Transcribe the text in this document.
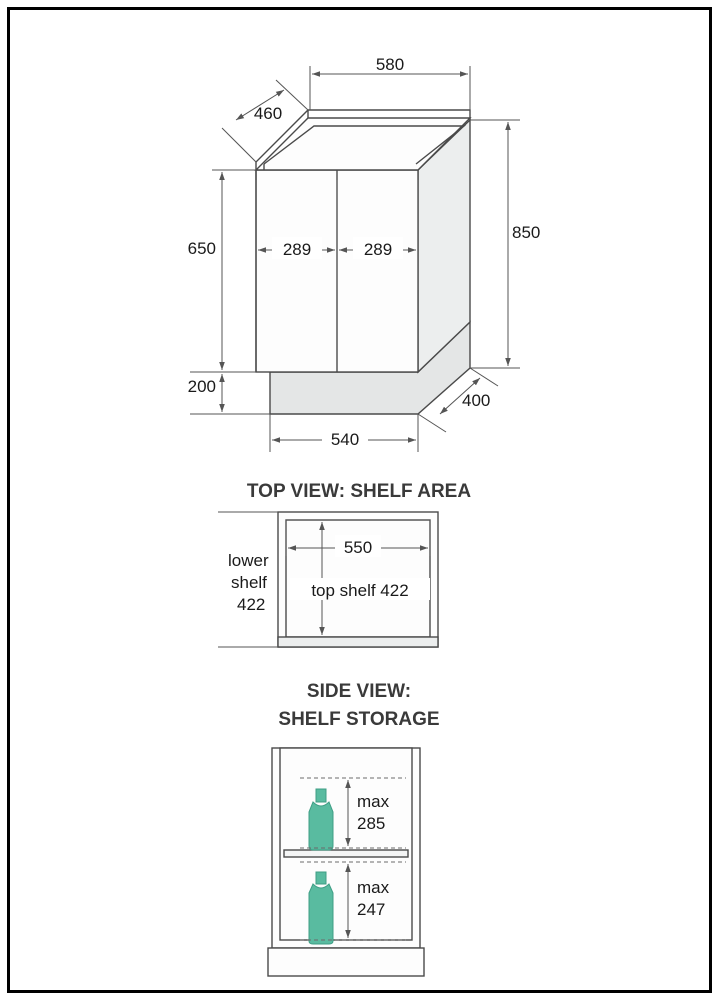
580
460
850
650
200
289	289
400
540
TOP VIEW: SHELF AREA
550
top shelf 422
lower
shelf
422
SIDE VIEW:
SHELF STORAGE
max
285
max
247
